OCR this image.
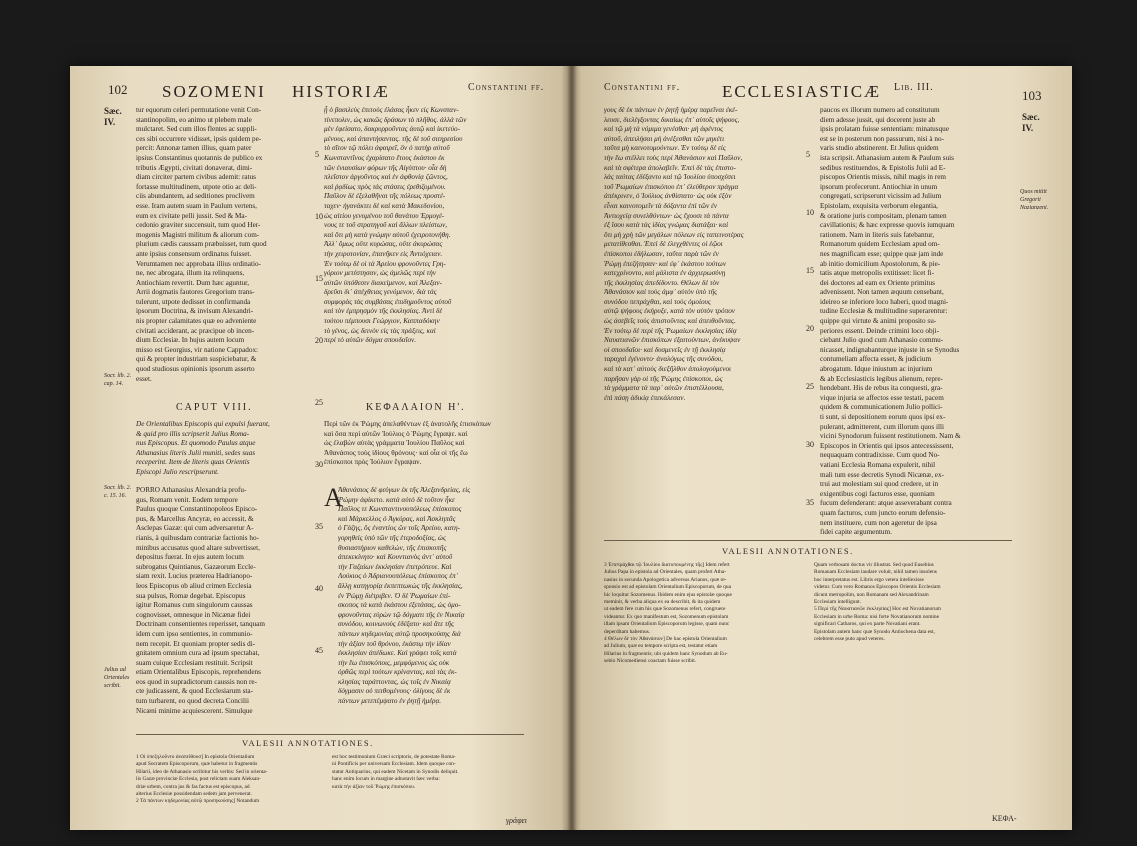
102 SOZOMENI HISTORIÆ	Constantini ff.
Sæc.
IV.
Socr. lib. 2. cap. 14.
Socr. lib. 2. c. 15. 16.
Julius ad Orientales scribit.
tur equorum celeri permutatione venit Con-
stantinopolim, eo animo ut plebem male
mulctaret. Sed cum illos flentes ac suppli-
ces sibi occurrere vidisset, ipsis quidem pe-
percit: Annonæ tamen illius, quam pater
ipsius Constantinus quotannis de publico ex
tributis Ægypti, civitati donaverat, dimi-
diam circiter partem civibus ademit: ratus
fortasse multitudinem, utpote otio ac deli-
ciis abundantem, ad seditiones proclivem
esse. Iram autem suam in Paulum vertens,
eum ex civitate pelli jussit. Sed & Ma-
cedonio graviter succensuit, tum quod Her-
mogenis Magistri militum & aliorum com-
plurium cædis caussam præbuisset, tum quod
ante ipsius consensum ordinatus fuisset.
Verumtamen nec approbata illius ordinatio-
ne, nec abrogata, illum ita relinquens,
Antiochiam revertit. Dum hæc aguntur,
Arrii dogmatis fautores Gregorium trans-
tulerunt, utpote dedisset in confirmanda
ipsorum Doctrina, & invisum Alexandri-
nis propter calamitates quæ eo adveniente
civitati acciderant, ac præcipue ob incen-
dium Ecclesiæ. In hujus autem locum
misso est Georgius, vir natione Cappadox:
qui & propter industriam suspiciebatur, &
quod studiosus opinionis ipsorum asserto
esset.
ᾗ ὁ βασιλεὺς ἐπιτοὺς ἐλάσας ἧκεν εἰς Κωνσταν-
τίνεπολιν, ὡς κακῶς δράσων τὸ πλῆθος. ἀλλὰ τῶν
μὲν ἐφείσατο, δακρυρροῦντας ἀυτῷ καὶ ἱκετεύο-
μένους, καὶ ἀπαντήσαντας. τῆς δὲ τοῦ σιτηρεσίου
τὸ σῖτον τῷ πόλει ἀφαιρεῖ, ὃν ὁ πατὴρ αὐτοῦ
Κωνσταντῖνος ἐχαρίσατο ἔτους ἑκάστου ἐκ
τῶν ἐνιαυσίων φόρων τῆς Αἰγύπτου· οἷα δὴ
πλεῖστον ἀργοῦντος καὶ ἐν ἀφθονίᾳ ζῶντος,
καὶ ῥᾳδίως πρὸς τὰς στάσεις ἐρεθιζομένου.
Παῦλον δὲ ἐξελαθῆναι τῆς πόλεως προστέ-
ταχεν· ἠγανάκτει δὲ καὶ κατὰ Μακεδονίου,
ὡς αἰτίου γενομένου τοῦ θανάτου Ἑρμογέ-
νους τε τοῦ στρατηγοῦ καὶ ἄλλων πλείστων,
καὶ ὅτι μὴ κατὰ γνώμην αὐτοῦ ἐχειροτονήθη.
Ἀλλ᾽ ὅμως οὔτε κυρώσας, οὔτε ἀκυρώσας
τὴν χειροτονίαν, ἐπανῆκεν εἰς Ἀντιόχειαν.
Ἐν τούτῳ δὲ οἱ τὰ Ἀρείου φρονοῦντες Γρη-
γόριον μετέστησαν, ὡς ἀμελῶς περὶ τὴν
αὐτῶν ὑπόθεσιν διακείμενον, καὶ Ἀλεξαν-
δρεῦσι δι᾽ ἀπέχθειας γενόμενον, διὰ τὰς
συμφορὰς τὰς συμβάσας ἐπιδημοῦντος αὐτοῦ
καὶ τὸν ἐμπρησμὸν τῆς ἐκκλησίας. Ἀντὶ δὲ
τούτου πέμπουσι Γεώργιον, Καππαδόκην
τὸ γένος, ὡς δεινὸν εἰς τὰς πράξεις, καὶ
περὶ τὸ αὐτῶν δόγμα σπουδαῖον.
CAPUT VIII.	ΚΕΦΑΛΑΙΟΝ Η'.
De Orientalibus Episcopis qui expulsi fuerant,
& quid pro illis scripserit Julius Roma-
nus Episcopus. Et quomodo Paulus atque
Athanasius literis Julii muniti, sedes suas
receperint. Item de literis quas Orientis
Episcopi Julio rescripserunt.
Περὶ τῶν ἐκ Ῥώμης ἀπελαθέντων ἐξ ἀνατολῆς ἐπισκόπων
καὶ ὅσα περὶ αὐτῶν Ἰούλιος ὁ Ῥώμης ἔγραψε. καὶ
ὡς ἐλαβὼν αὐτὰς γράμματα Ἰουλίου Παῦλος καὶ
Ἀθανάσιος τοὺς ἰδίους θρόνους· καὶ οἷα οἱ τῆς ἕω
ἐπίσκοποι πρὸς Ἰούλιον ἔγραψαν.
PORRO Athanasius Alexandria profu-
gus, Romam venit. Eodem tempore
Paulus quoque Constantinopoleos Episco-
pus, & Marcellus Ancyræ, eo accessit, &
Asclepas Gazæ: qui cum adversaretur A-
rianis, à quibusdam contrariæ factionis ho-
minibus accusatus quod altare subvertisset,
depositus fuerat. In ejus autem locum
subrogatus Quintianus, Gazæorum Eccle-
siam rexit. Lucius præterea Hadrianopo-
leos Episcopus ob aliud crimen Ecclesia
sua pulsus, Romæ degebat. Episcopus
igitur Romanus cum singulorum caussas
cognovisset, omnesque in Nicænæ fidei
Doctrinam consentientes reperisset, tanquam
idem cum ipso sentientes, in communio-
nem recepit. Et quoniam propter sedis di-
gnitatem omnium cura ad ipsum spectabat,
suam cuique Ecclesiam restituit. Scripsit
etiam Orientalibus Episcopis, reprehendens
eos quod in supradictorum caussis non re-
cte judicassent, & quod Ecclesiarum sta-
tum turbarent, eo quod decreta Concilii
Nicæni minime acquiescerent. Simulque
Ἀθανάσιος δὲ φεύγων ἐκ τῆς Ἀλεξανδρείας, εἰς
Ῥώμην ἀφίκετο. κατὰ αὐτὸ δὲ τοῦτον ἧκε
Παῦλος τε Κωνσταντινουπόλεως ἐπίσκοπος
καὶ Μάρκελλος ὁ Ἀγκύρας, καὶ Ἀσκληπᾶς
ὁ Γάζης, ὃς ἐναντίος ὢν τοῖς Ἀρείου, κατη-
γορηθεὶς ὑπὸ τῶν τῆς ἑτεροδοξίας, ὡς
θυσιαστήριον καθελὼν, τῆς ἐπισκοπῆς
ἀπεκεκίνητο· καὶ Κουντιανὸς ἀντ᾽ αὐτοῦ
τὴν Γαζαίων ἐκκλησίαν ἐπετρόπευε. Καὶ
Λούκιος ὁ Ἀδριανουπόλεως ἐπίσκοπος ἐπ᾽
ἄλλῃ κατηγορίᾳ ἐκπεπτωκὼς τῆς ἐκκλησίας,
ἐν Ῥώμῃ διέτριβεν. Ὁ δὲ Ῥωμαίων ἐπί-
σκοπος τὰ κατὰ ἑκάστου ἐξετάσας, ὡς ὁμο-
φρονοῦντας εὑρὼν τῷ δόγματι τῆς ἐν Νικαίᾳ
συνόδου, κοινωνοὺς ἐδέξατο· καὶ ἅτε τῆς
πάντων κηδεμονίας αὐτῷ προσηκούσης διὰ
τὴν ἀξίαν τοῦ θρόνου, ἑκάστῳ τὴν ἰδίαν
ἐκκλησίαν ἀπέδωκε. Καὶ γράφει τοῖς κατὰ
τὴν ἕω ἐπισκόποις, μεμφόμενος ὡς οὐκ
ὀρθῶς περὶ τούτων κρίναντας, καὶ τὰς ἐκ-
κλησίας ταράττοντας, ὡς τοῖς ἐν Νικαίᾳ
δόγμασιν οὐ πειθομένους· ὀλίγους δὲ ἐκ
πάντων μετεπέμψατο ἐν ῥητῇ ἡμέρᾳ.
Α
5
10
15
20
25
30
35
40
45
VALESII ANNOTATIONES.
1 Οἱ ὑπεζηλοῦντο ἀναπείθουσ] In epistola Orientalium
apud Socratem Episcoporum, quæ habetur in fragmentis
Hilarii, ideo de Athanasio scribitur his verbis: Sed in orienta-
lis Gazæ provinciæ Ecclesia, post relictam suam Aleksan-
driæ urbem, contra jus & fas factus est episcopus, ad
alterius Ecclesiæ possidendam sedem jam pervenerat.
2 Τὰ πάντων κηδεμονίας αὐτῷ προσηκούσης] Notandum
est hoc testimonium Græci scriptoris, de potestate Roma-
ni Pontificis per universam Ecclesiam. Idem quoque con-
statur Antiquarius, qui eadem Nicetam in Synodis deliquit.
hanc enim locum in margine adnotavit hæc verba:
κατὰ τὴν ἀξίαν τοῦ Ῥώμης ἐπισκόπου.
γράφει
Constantini ff. ECCLESIASTICÆ Lib. III.
103
Sæc.
IV.
Quos mittit Gregorii Nazianzeni.
γους δὲ ἐκ πάντων ἐν ῥητῇ ἡμέρᾳ παρεῖναι ἐκέ-
λευσε, διελέγξοντας δικαίως ἐπ᾽ αὐτοῖς ψήφους,
καὶ τῷ μὴ τὰ νόμιμα γενέσθαι· μὴ ἀφέντος
αὐτοῦ, ἀπειλήσαι μὴ ἀνέξεσθαι τῶν μηκέτι
ταῦτα μὴ καινοτομούντων. Ἐν τούτῳ δὲ εἰς
τὴν ἕω στέλλει τοὺς περὶ Ἀθανάσιον καὶ Παῦλον,
καὶ τὰ σφέτερα ἀπολαβεῖν. Ἐπεὶ δὲ τὰς ἐπιστο-
λὰς ταύτας ἐδέξαντο καὶ τῷ Ἰουλίου ὑποσχέσει
τοῦ Ῥωμαίων ἐπισκόπου ἐπ᾽ ἐλεύθερον πράγμα
ἀπέκρινεν, ὁ Ἰούλιος ἀνθίστατο· ὡς οὐκ ἐξὸν
εἶναι καινοτομεῖν τὰ δόξαντα ἐπὶ τῶν ἐν
Ἀντιοχείᾳ συνελθόντων· ὡς ἔχουσι τὰ πάντα
ἐξ ἴσου κατὰ τὰς ἰδίας γνώμας διατάξαι· καὶ
ὅτι μὴ χρὴ τῶν μεγάλων πόλεων εἰς ταπεινοτέρας
μετατίθεσθαι. Ἐπεὶ δὲ ἐλεγχθέντες οἱ ἑῷοι
ἐπίσκοποι ἐδήλωσαν, ταῦτα παρὰ τῶν ἐν
Ῥώμῃ ἐπεζήτησαν· καὶ ἐφ᾽ ἑκάστου τούτων
κατεχρίνοντο, καὶ μάλιστα ἐν ἀρχιερωσύνῃ
τῆς ἐκκλησίας ἀπεδίδοντο. Θέλων δὲ τὸν
Ἀθανάσιον καὶ τοὺς ἀμφ᾽ αὐτὸν ὑπὸ τῆς
συνόδου πεπράχθαι, καὶ τοὺς ὁμοίους
αὐτῷ ψήφους ἐκήρυξε, κατὰ τὸν αὐτὸν τρόπον
ὡς ἀσεβεῖς τοὺς ἀπιστοῦντας καὶ ἀπειθοῦντας.
Ἐν τούτῳ δὲ περὶ τῆς Ῥωμαίων ἐκκλησίας ἰδίᾳ
Ναυατιανῶν ἐπισκόπων ἐξαιτούντων, ἀνέκυψαν
οἱ σπουδαῖοι· καὶ δυσμενεῖς ἐν τῇ ἐκκλησίᾳ
ταραχαὶ ἐγένοντο· ἀναλόγως τῆς συνόδου,
καὶ τὰ κατ᾽ αὐτοὺς διεξῆλθον ἀπολογούμενοι
παρῆσαν γὰρ οἱ τῆς Ῥώμης ἐπίσκοποι, ὡς
τὰ γράμματα τὰ παρ᾽ αὐτῶν ἐπιστέλλουσα,
ἐπὶ πάσῃ ἀδικίᾳ ἐπεκάλεσαν.
paucos ex illorum numero ad constitutum
diem adesse jussit, qui docerent juste ab
ipsis prolatam fuisse sententiam: minatusque
est se in posterum non passurum, nisi à no-
varis studio abstinerent. Et Julius quidem
ista scripsit. Athanasium autem & Paulum suis
sedibus restituendos, & Epistolis Julii ad E-
piscopos Orientis missis, nihil magis in rem
ipsorum profecerunt. Antiochiæ in unum
congregati, scripserunt vicissim ad Julium
Epistolam, exquisita verborum elegantia,
& oratione juris compositam, plenam tamen
cavillationis; & hæc expresse quovis iumquam
rationem. Nam in literis suis fatebantur,
Romanorum quidem Ecclesiam apud om-
nes magnificam esse; quippe quæ jam inde
ab initio domicilium Apostolorum, & pie-
tatis atque metropolis extitisset: licet fi-
dei doctores ad eam ex Oriente primitus
advenissent. Non tamen æquum censebant,
ideireo se inferiore loco haberi, quod magni-
tudine Ecclesiæ & multitudine superarentur:
quippe qui virtute & animi proposito su-
periores essent. Deinde crimini loco obji-
ciebant Julio quod cum Athanasio commu-
nicasset, indignabanturque injuste in se Synodus
contumeliam affecta esset, & judicium
abrogatum. Idque iniustum ac injurium
& ab Ecclesiasticis legibus alienum, repre-
hendebant. His de rebus ita conquesti, gra-
vique injuria se affectos esse testati, pacem
quidem & communicationem Julio pollici-
ti sunt, si depositionem eorum quos ipsi ex-
pulerant, admitterent, cum illorum quos illi
vicini Synodorum fuissent restitutionem. Nam &
Episcopos in Orientis qui ipsos antecessissent,
nequaquam contradixisse. Cum quod No-
vatiani Ecclesia Romana expulerit, nihil
mali tum esse decretis Synodi Nicænæ, ex-
trui aut molestiam sui quod credere, ut in
exigentibus cogi facturos esse, quoniam
fucum defenderant: atque asseverabant contra
quam facturos, cum juncto eorum defensio-
nem instituere, cum non ageretur de ipsa
fidei capite argumentum.
5
10
15
20
25
30
35
VALESII ANNOTATIONES.
3 Ἐπεπράχθαι τῷ Ἰουλίου διατυπουμένης τῆς] Idem refert
Julius Papa in epistola ad Orientales, quam profert Atha-
nasius in secunda Apologetica adversus Arianos, quæ re-
sponsio est ad epistolam Orientalium Episcoporum, de qua
hic loquitur Sozomenus. Ibidem enim ejus epistolæ quoque
meminit, & verba aliqua ex ea describit, & ita quidem
ut eadem fere cum his quæ Sozomenus refert, congruere
videantur. Ex quo manifestum est, Sozomenum epistolam
illam ipsam Orientalium Episcoporum legisse, quam nunc
deperditam habemus.
4 Θέλων δὲ τὸν Ἀθανάσιον] De hac epistola Orientalium
ad Julium, quæ eo tempore scripta est, testatur etiam
Hilarius in fragmentis; ubi quidem hanc Synodum ab Eu-
sebio Nicomediensi coactam fuisse scribit.
Quam verbosam doctus vir illustrat. Sed quod Eusebius
Romanam Ecclesiam laudare voluit, nihil tamen insolens
hoc interpretatus est. Libris ergo vetera intellexisse
videtur. Cum vero Romanos Episcopos Orientis Ecclesiam
dicunt metropolim, non Romanam sed Alexandrinam
Ecclesiam intelligunt.
5 Περὶ τῆς Ναυατιανῶν ἐκκλησίας] Hoc est Novatianorum
Ecclesiam in urbe Roma: nisi forte Novatianorum nomine
significari Catharos, qui ex parte Novatiani erant.
Epistolam autem hanc quæ Synodo Antiochena data est,
celebrem esse puto apud veteres.
ΚΕΦΑ-
